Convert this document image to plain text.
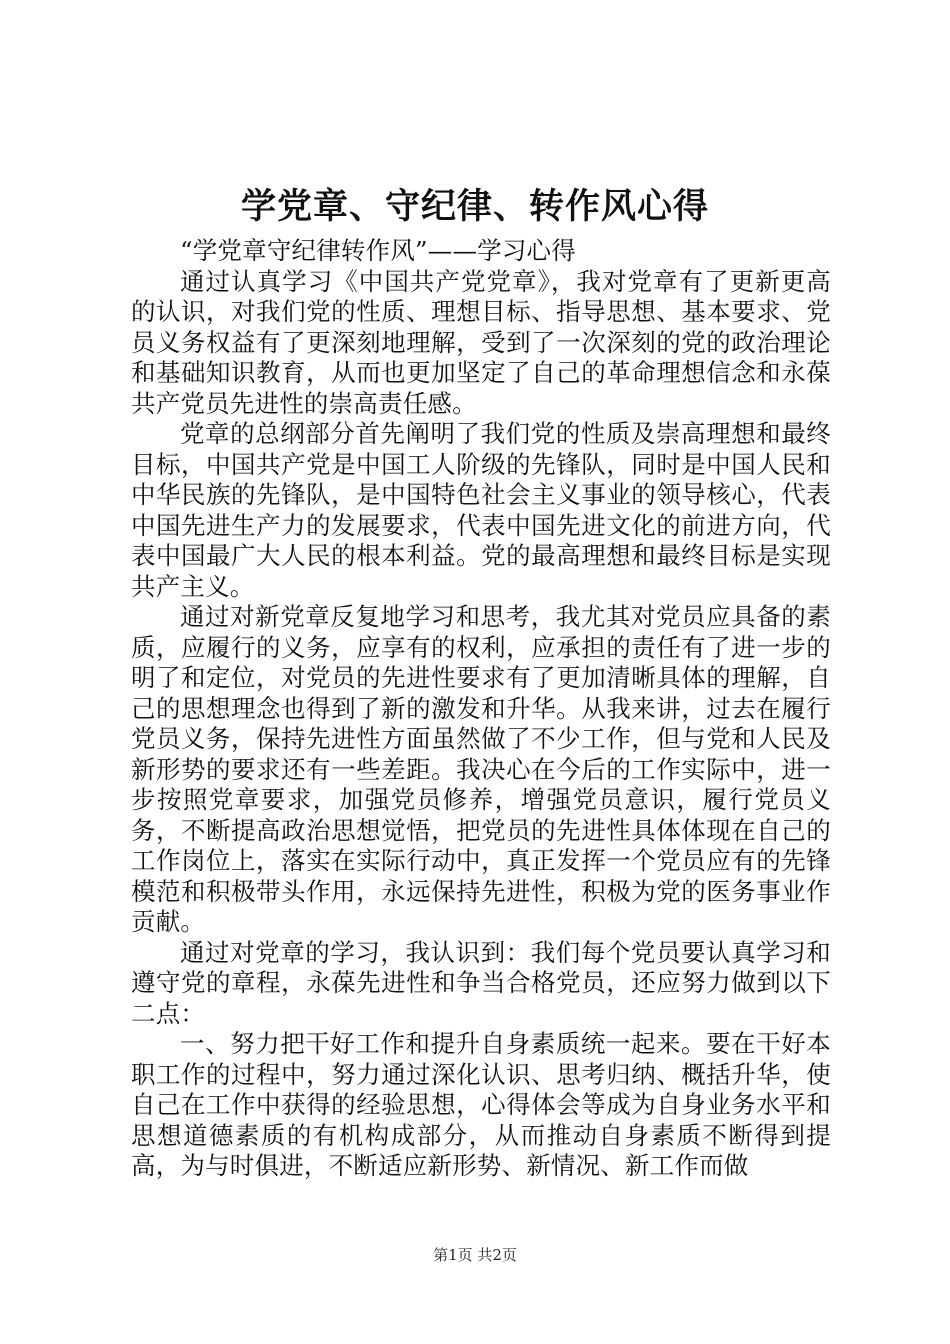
学党章、守纪律、转作风心得

“学党章守纪律转作风”——学习心得

通过认真学习《中国共产党党章》，我对党章有了更新更高的认识，对我们党的性质、理想目标、指导思想、基本要求、党员义务权益有了更深刻地理解，受到了一次深刻的党的政治理论和基础知识教育，从而也更加坚定了自己的革命理想信念和永葆共产党员先进性的崇高责任感。

党章的总纲部分首先阐明了我们党的性质及崇高理想和最终目标，中国共产党是中国工人阶级的先锋队，同时是中国人民和中华民族的先锋队，是中国特色社会主义事业的领导核心，代表中国先进生产力的发展要求，代表中国先进文化的前进方向，代表中国最广大人民的根本利益。党的最高理想和最终目标是实现共产主义。

通过对新党章反复地学习和思考，我尤其对党员应具备的素质，应履行的义务，应享有的权利，应承担的责任有了进一步的明了和定位，对党员的先进性要求有了更加清晰具体的理解，自己的思想理念也得到了新的激发和升华。从我来讲，过去在履行党员义务，保持先进性方面虽然做了不少工作，但与党和人民及新形势的要求还有一些差距。我决心在今后的工作实际中，进一步按照党章要求，加强党员修养，增强党员意识，履行党员义务，不断提高政治思想觉悟，把党员的先进性具体体现在自己的工作岗位上，落实在实际行动中，真正发挥一个党员应有的先锋模范和积极带头作用，永远保持先进性，积极为党的医务事业作贡献。

通过对党章的学习，我认识到：我们每个党员要认真学习和遵守党的章程，永葆先进性和争当合格党员，还应努力做到以下二点：

一、努力把干好工作和提升自身素质统一起来。要在干好本职工作的过程中，努力通过深化认识、思考归纳、概括升华，使自己在工作中获得的经验思想，心得体会等成为自身业务水平和思想道德素质的有机构成部分，从而推动自身素质不断得到提高，为与时俱进，不断适应新形势、新情况、新工作而做

第1页 共2页
